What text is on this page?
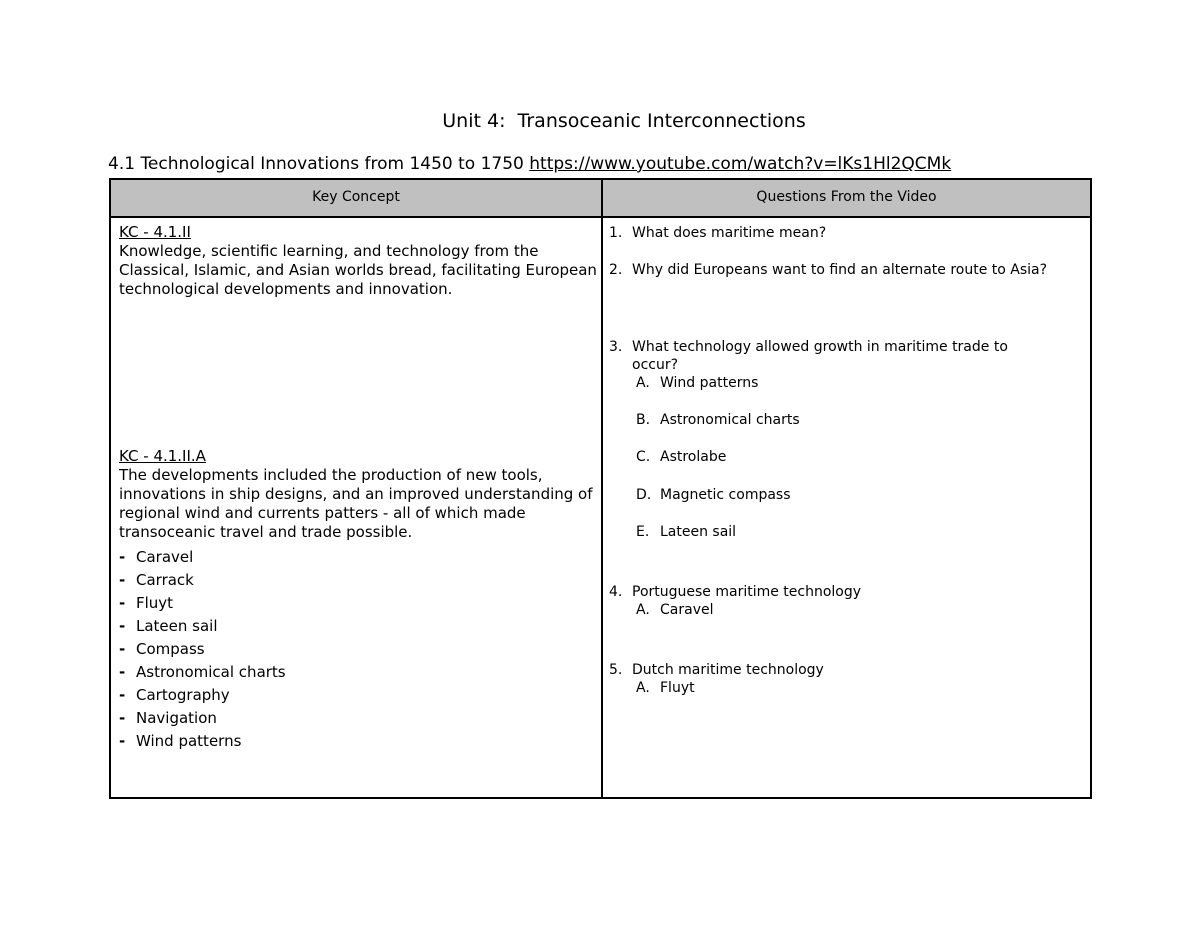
Unit 4:  Transoceanic Interconnections
4.1 Technological Innovations from 1450 to 1750 https://www.youtube.com/watch?v=lKs1Hl2QCMk
Key Concept	Questions From the Video
KC - 4.1.II
Knowledge, scientific learning, and technology from the Classical, Islamic, and Asian worlds bread, facilitating European technological developments and innovation.
KC - 4.1.II.A
The developments included the production of new tools, innovations in ship designs, and an improved understanding of regional wind and currents patters - all of which made transoceanic travel and trade possible.
- Caravel
- Carrack
- Fluyt
- Lateen sail
- Compass
- Astronomical charts
- Cartography
- Navigation
- Wind patterns
1. What does maritime mean?
2. Why did Europeans want to find an alternate route to Asia?
3. What technology allowed growth in maritime trade to occur?
A. Wind patterns
B. Astronomical charts
C. Astrolabe
D. Magnetic compass
E. Lateen sail
4. Portuguese maritime technology
A. Caravel
5. Dutch maritime technology
A. Fluyt
